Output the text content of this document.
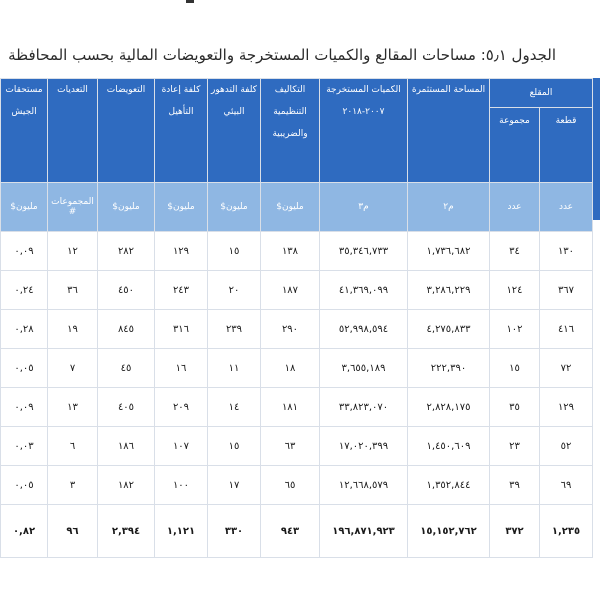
الجدول ٥٫١: مساحات المقالع والكميات المستخرجة والتعويضات المالية بحسب المحافظة
المقلع		المساحة المستثمرة	الكميات المستخرجة ٢٠٠٧-٢٠١٨	التكاليف التنظيمية والضريبية	كلفة التدهور البيئي	كلفة إعادة التأهيل	التعويضات	التعديات	مستحقات الجيش
قطعة	مجموعة								
عدد	عدد	م٢	م٣	مليون$	مليون$	مليون$	مليون$	المجموعات #	مليون$
١٣٠	٣٤	١,٧٣٦,٦٨٢	٣٥,٣٤٦,٧٣٣	١٣٨	١٥	١٢٩	٢٨٢	١٢	٠,٠٩
٣٦٧	١٢٤	٣,٢٨٦,٢٢٩	٤١,٣٦٩,٠٩٩	١٨٧	٢٠	٢٤٣	٤٥٠	٣٦	٠,٢٤
٤١٦	١٠٢	٤,٢٧٥,٨٣٣	٥٢,٩٩٨,٥٩٤	٢٩٠	٢٣٩	٣١٦	٨٤٥	١٩	٠,٢٨
٧٢	١٥	٢٢٢,٣٩٠	٣,٦٥٥,١٨٩	١٨	١١	١٦	٤٥	٧	٠,٠٥
١٢٩	٣٥	٢,٨٢٨,١٧٥	٣٣,٨٢٣,٠٧٠	١٨١	١٤	٢٠٩	٤٠٥	١٣	٠,٠٩
٥٢	٢٣	١,٤٥٠,٦٠٩	١٧,٠٢٠,٣٩٩	٦٣	١٥	١٠٧	١٨٦	٦	٠,٠٣
٦٩	٣٩	١,٣٥٢,٨٤٤	١٢,٦٦٨,٥٧٩	٦٥	١٧	١٠٠	١٨٢	٣	٠,٠٥
١,٢٣٥	٣٧٢	١٥,١٥٢,٧٦٢	١٩٦,٨٧١,٩٢٣	٩٤٣	٣٣٠	١,١٢١	٢,٣٩٤	٩٦	٠,٨٢
